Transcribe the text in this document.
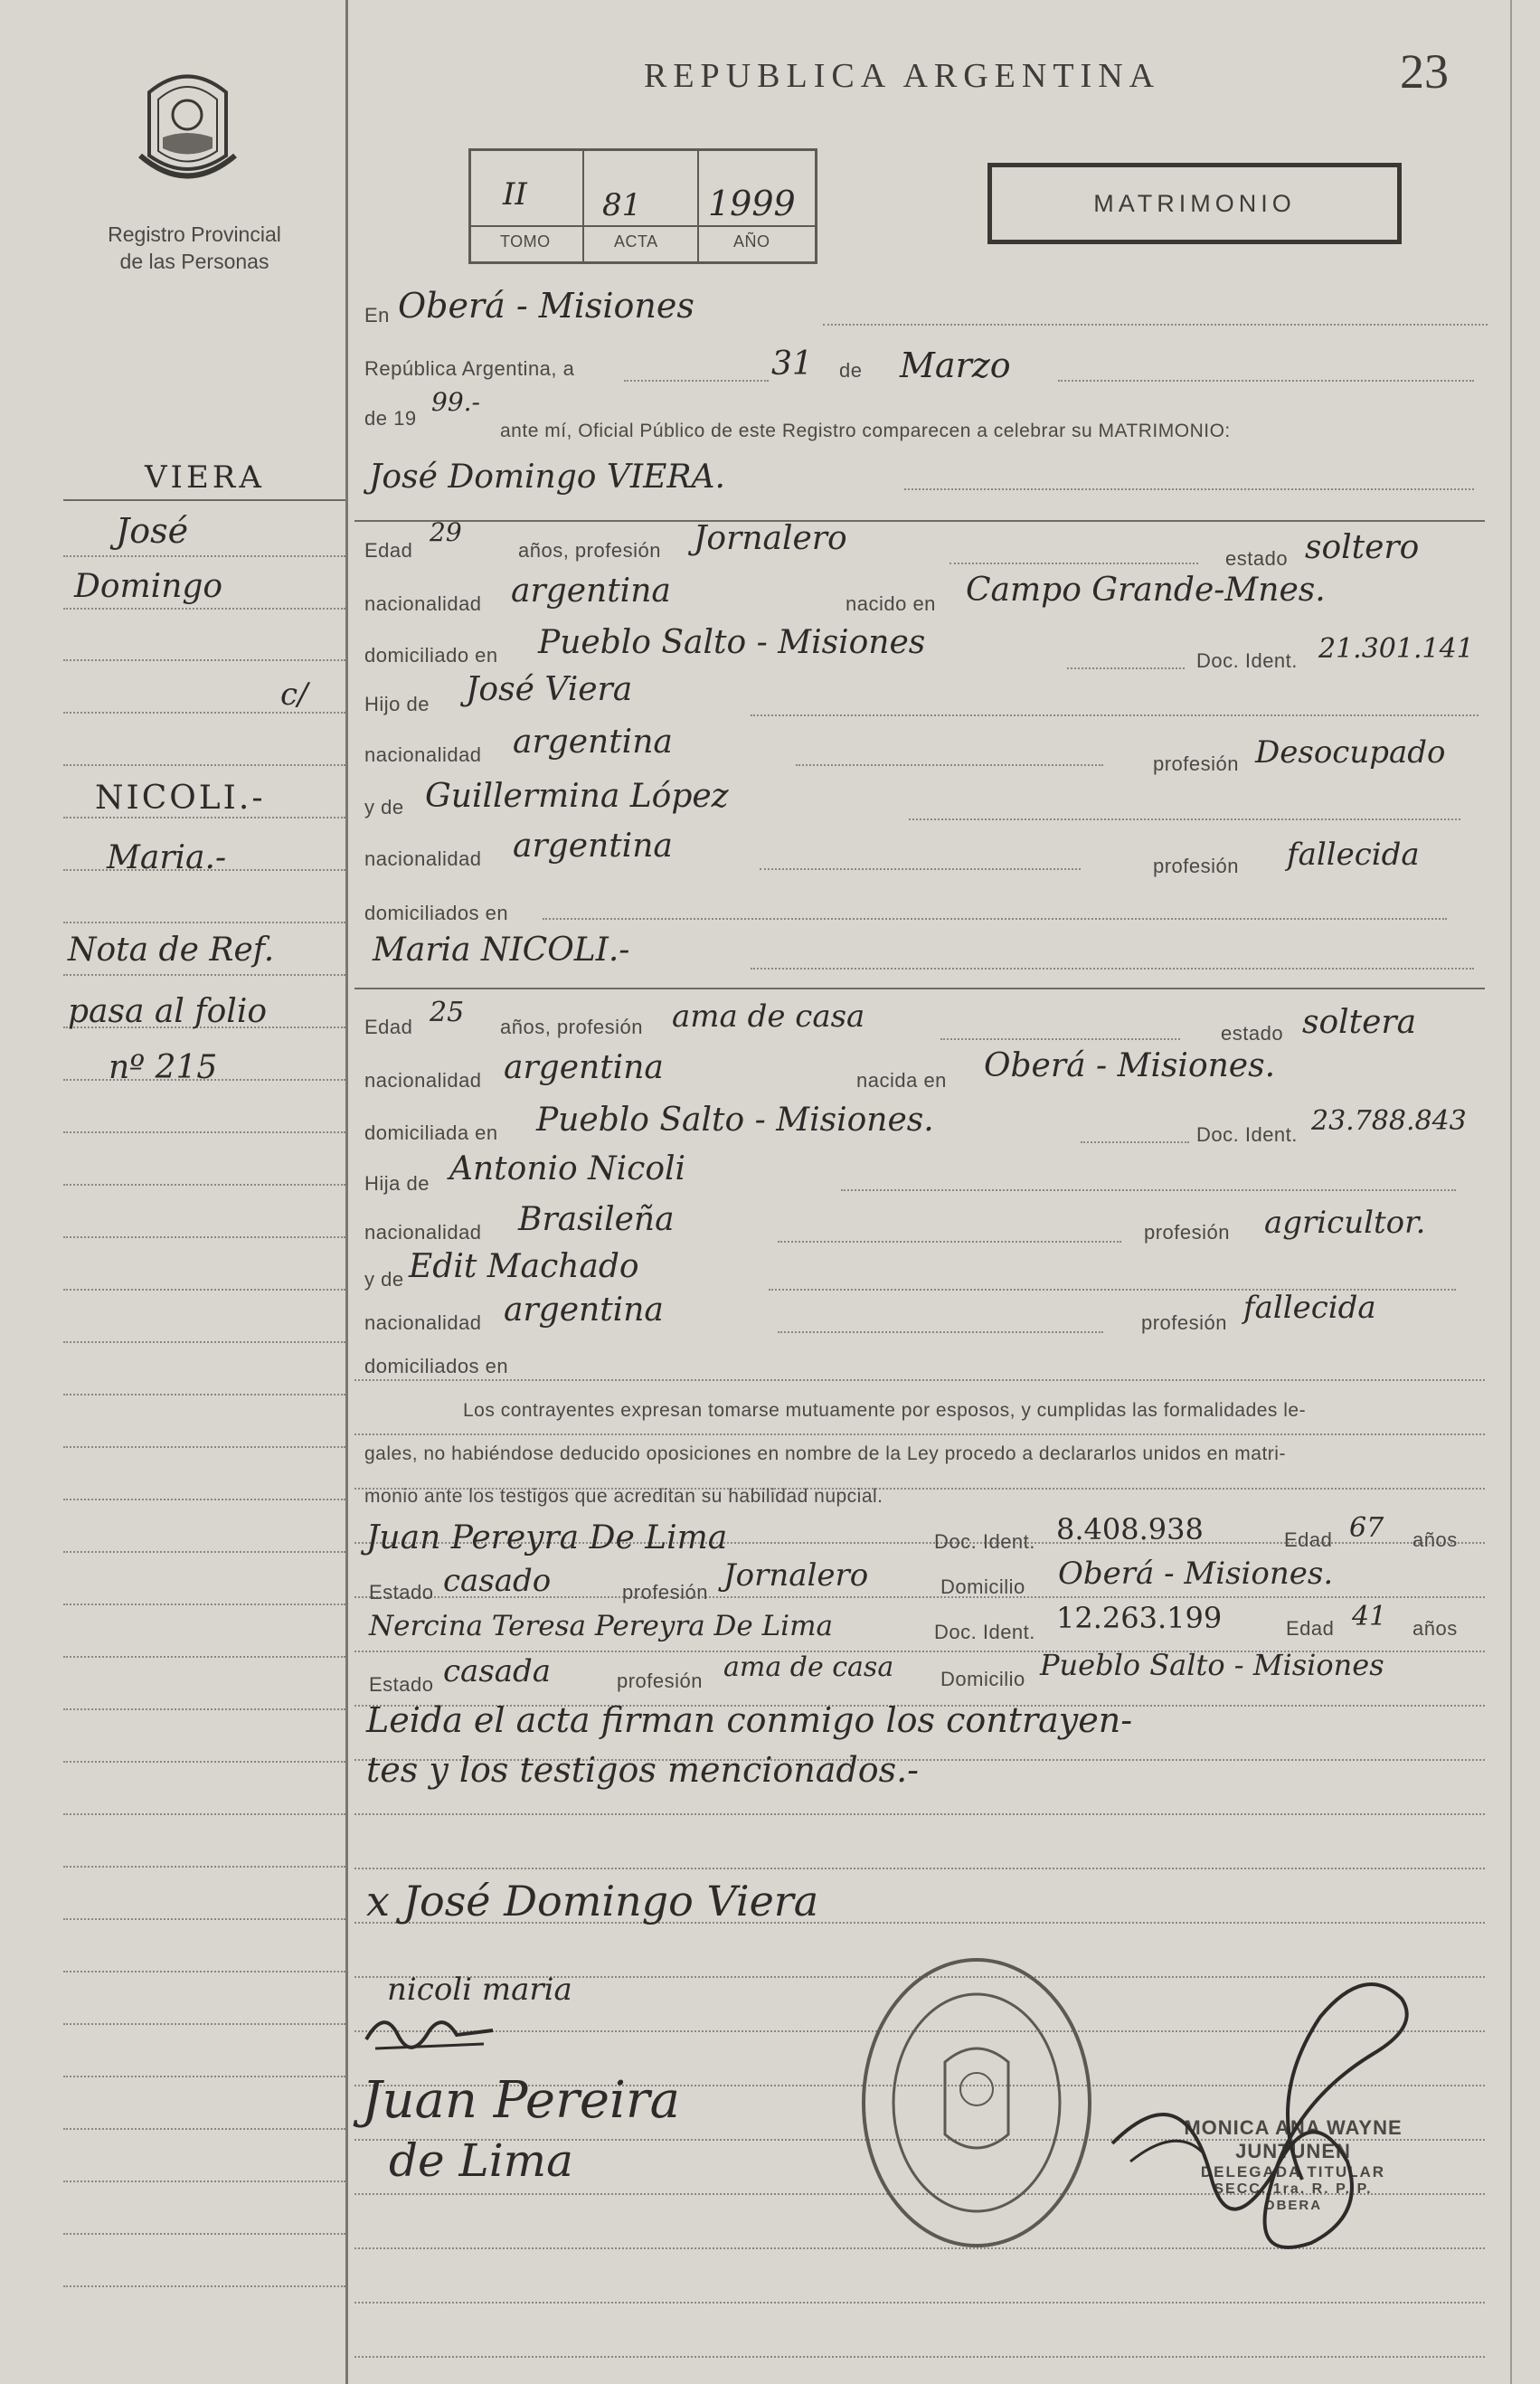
Registro Provincial
de las Personas
REPUBLICA ARGENTINA	23
II 81 1999
TOMO	ACTA	AÑO
MATRIMONIO
VIERA
José
Domingo
c/
NICOLI.-
Maria.-
Nota de Ref.
pasa al folio
nº 215
En Oberá - Misiones
República Argentina, a	31 de Marzo
de 19
99.-
ante mí, Oficial Público de este Registro comparecen a celebrar su MATRIMONIO:
José Domingo VIERA.
Edad
29
años, profesión Jornalero
estado soltero
nacionalidad argentina	nacido en Campo Grande-Mnes.
domiciliado en Pueblo Salto - Misiones	Doc. Ident. 21.301.141
Hijo de José Viera
nacionalidad argentina
profesión Desocupado
y de Guillermina López
nacionalidad argentina
profesión fallecida
domiciliados en
Maria NICOLI.-
Edad 25 años, profesión ama de casa	estado soltera
nacionalidad argentina	nacida en Oberá - Misiones.
domiciliada en Pueblo Salto - Misiones.	Doc. Ident. 23.788.843
Hija de Antonio Nicoli
nacionalidad Brasileña	profesión agricultor.
y de Edit Machado
nacionalidad argentina	profesión fallecida
domiciliados en
Los contrayentes expresan tomarse mutuamente por esposos, y cumplidas las formalidades le-
gales, no habiéndose deducido oposiciones en nombre de la Ley procedo a declararlos unidos en matri-
monio ante los testigos que acreditan su habilidad nupcial.
Juan Pereyra De Lima	Doc. Ident. 8.408.938	Edad 67 años
Estado casado	profesión Jornalero	Domicilio Oberá - Misiones.
Nercina Teresa Pereyra De Lima	Doc. Ident. 12.263.199	Edad 41 años
Estado casada	profesión ama de casa Domicilio Pueblo Salto - Misiones
Leida el acta firman conmigo los contrayen-
tes y los testigos mencionados.-
x José Domingo Viera
nicoli maria
Juan Pereira
de Lima
MONICA ANA WAYNE JUNTUNEN
DELEGADA TITULAR
SECC. 1ra. R. P. P.
OBERA
